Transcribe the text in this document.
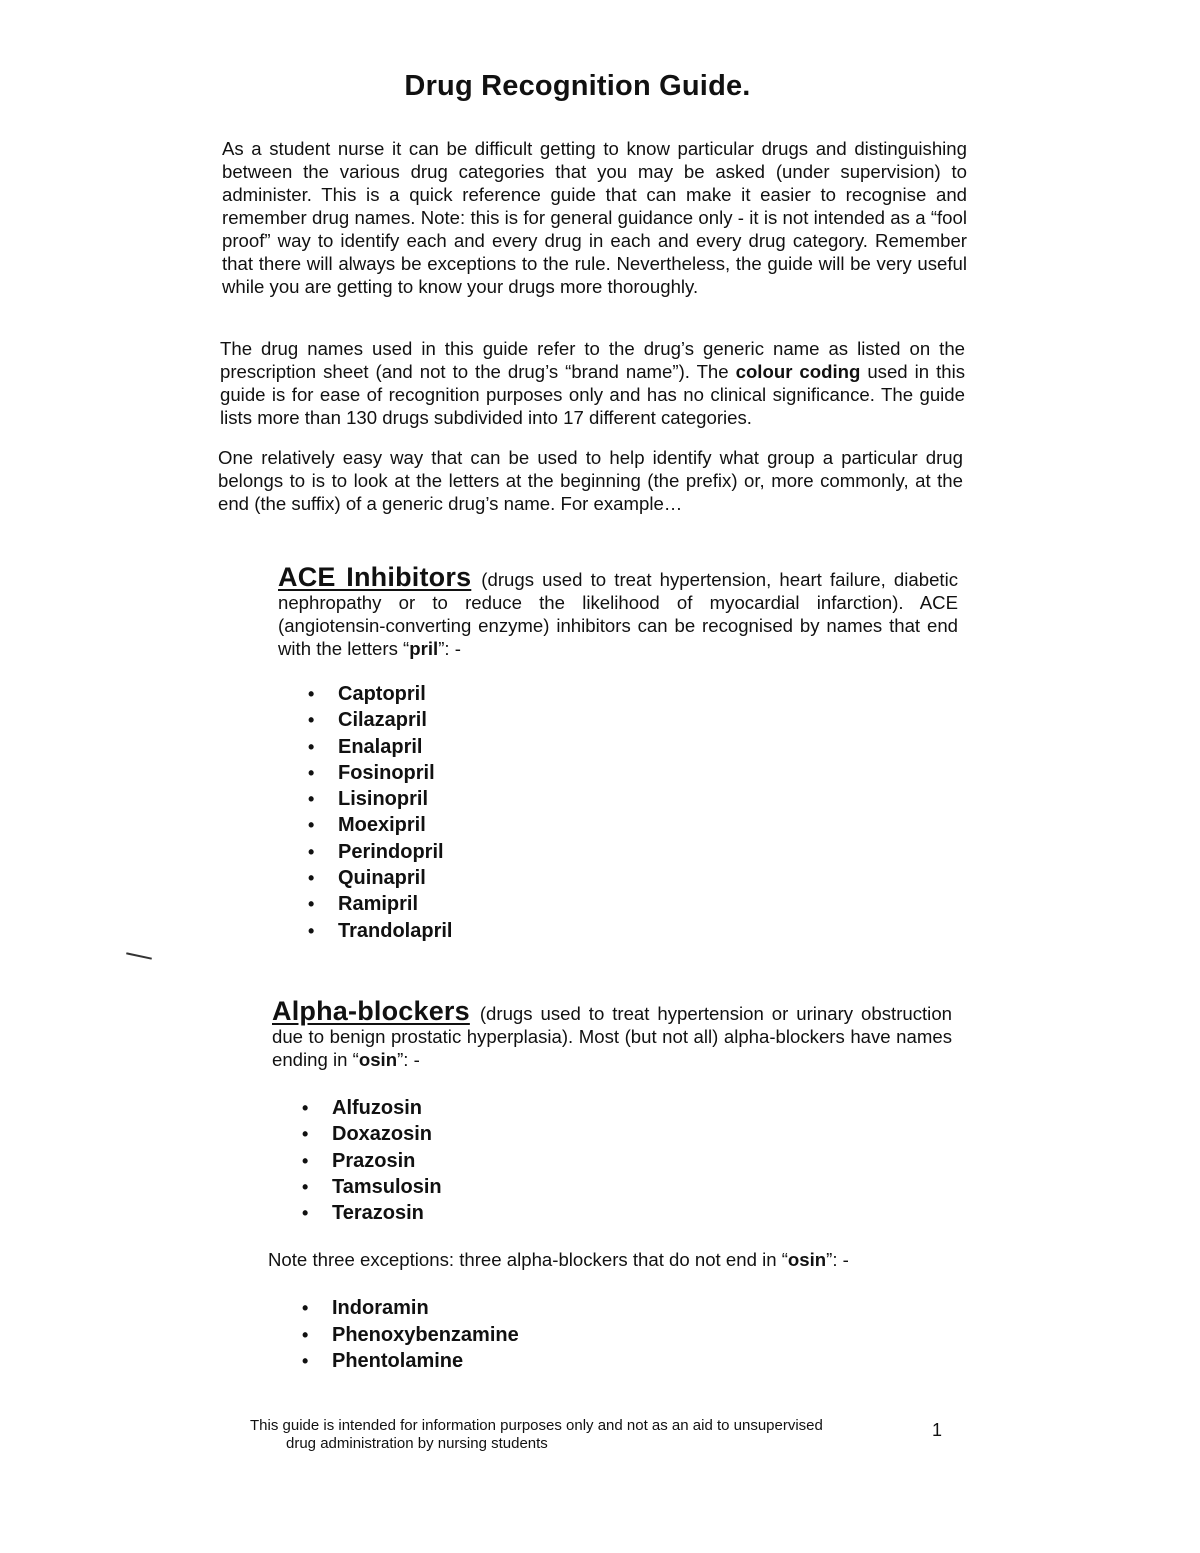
Drug Recognition Guide.

As a student nurse it can be difficult getting to know particular drugs and distinguishing between the various drug categories that you may be asked (under supervision) to administer. This is a quick reference guide that can make it easier to recognise and remember drug names. Note: this is for general guidance only - it is not intended as a “fool proof” way to identify each and every drug in each and every drug category. Remember that there will always be exceptions to the rule. Nevertheless, the guide will be very useful while you are getting to know your drugs more thoroughly.

The drug names used in this guide refer to the drug’s generic name as listed on the prescription sheet (and not to the drug’s “brand name”). The colour coding used in this guide is for ease of recognition purposes only and has no clinical significance. The guide lists more than 130 drugs subdivided into 17 different categories.

One relatively easy way that can be used to help identify what group a particular drug belongs to is to look at the letters at the beginning (the prefix) or, more commonly, at the end (the suffix) of a generic drug’s name. For example…

ACE Inhibitors (drugs used to treat hypertension, heart failure, diabetic nephropathy or to reduce the likelihood of myocardial infarction). ACE (angiotensin-converting enzyme) inhibitors can be recognised by names that end with the letters “pril”: -

•	Captopril
•	Cilazapril
•	Enalapril
•	Fosinopril
•	Lisinopril
•	Moexipril
•	Perindopril
•	Quinapril
•	Ramipril
•	Trandolapril

Alpha-blockers (drugs used to treat hypertension or urinary obstruction due to benign prostatic hyperplasia). Most (but not all) alpha-blockers have names ending in “osin”: -

•	Alfuzosin
•	Doxazosin
•	Prazosin
•	Tamsulosin
•	Terazosin

Note three exceptions: three alpha-blockers that do not end in “osin”: -

•	Indoramin
•	Phenoxybenzamine
•	Phentolamine
This guide is intended for information purposes only and not as an aid to unsupervised
drug administration by nursing students
1
